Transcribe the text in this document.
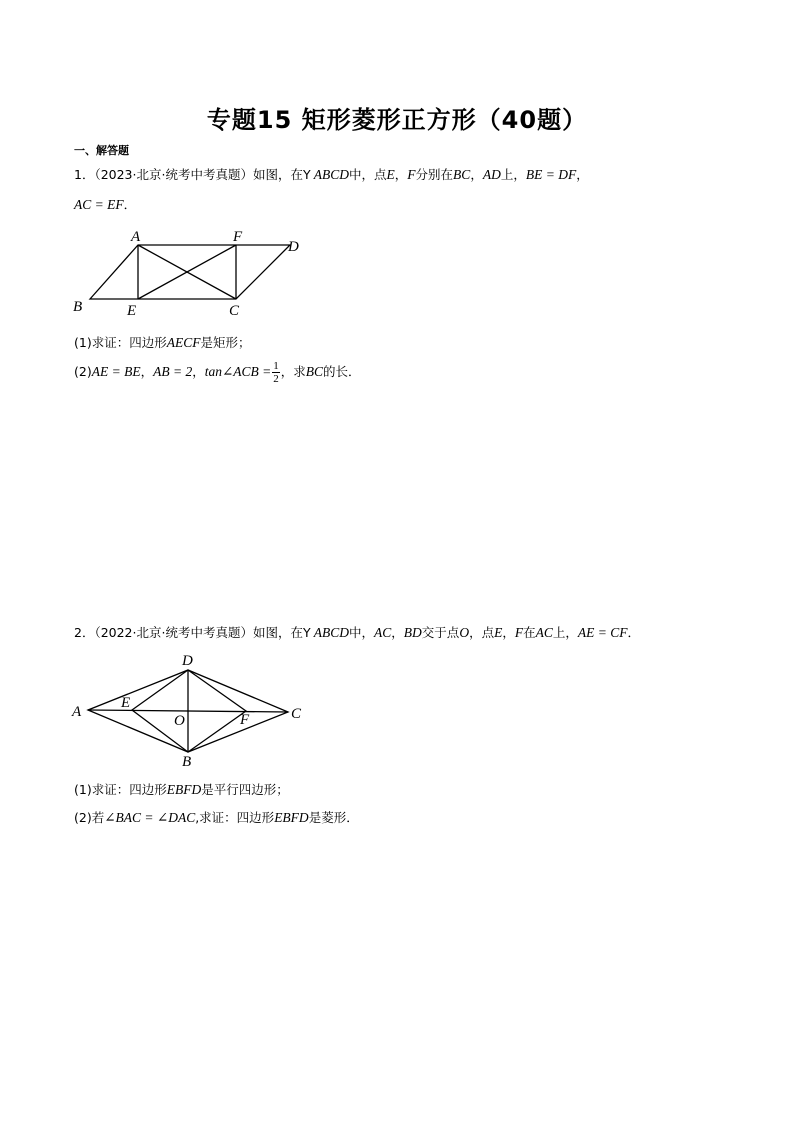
专题15 矩形菱形正方形（40题）
一、解答题
1．（2023·北京·统考中考真题）如图，在Y ABCD中，点E，F分别在BC，AD上，BE = DF，
AC = EF．
A	F
D
B	E	C
(1)求证：四边形AECF是矩形；
(2)AE = BE，AB = 2，tan∠ACB = $\frac{1}{2}$ ，求BC的长．
2．（2022·北京·统考中考真题）如图，在Y ABCD中，AC，BD交于点O，点E，F在AC上，AE = CF．
A
E
D
O	F	C
B
(1)求证：四边形EBFD是平行四边形；
(2)若∠BAC = ∠DAC,求证：四边形EBFD是菱形．
